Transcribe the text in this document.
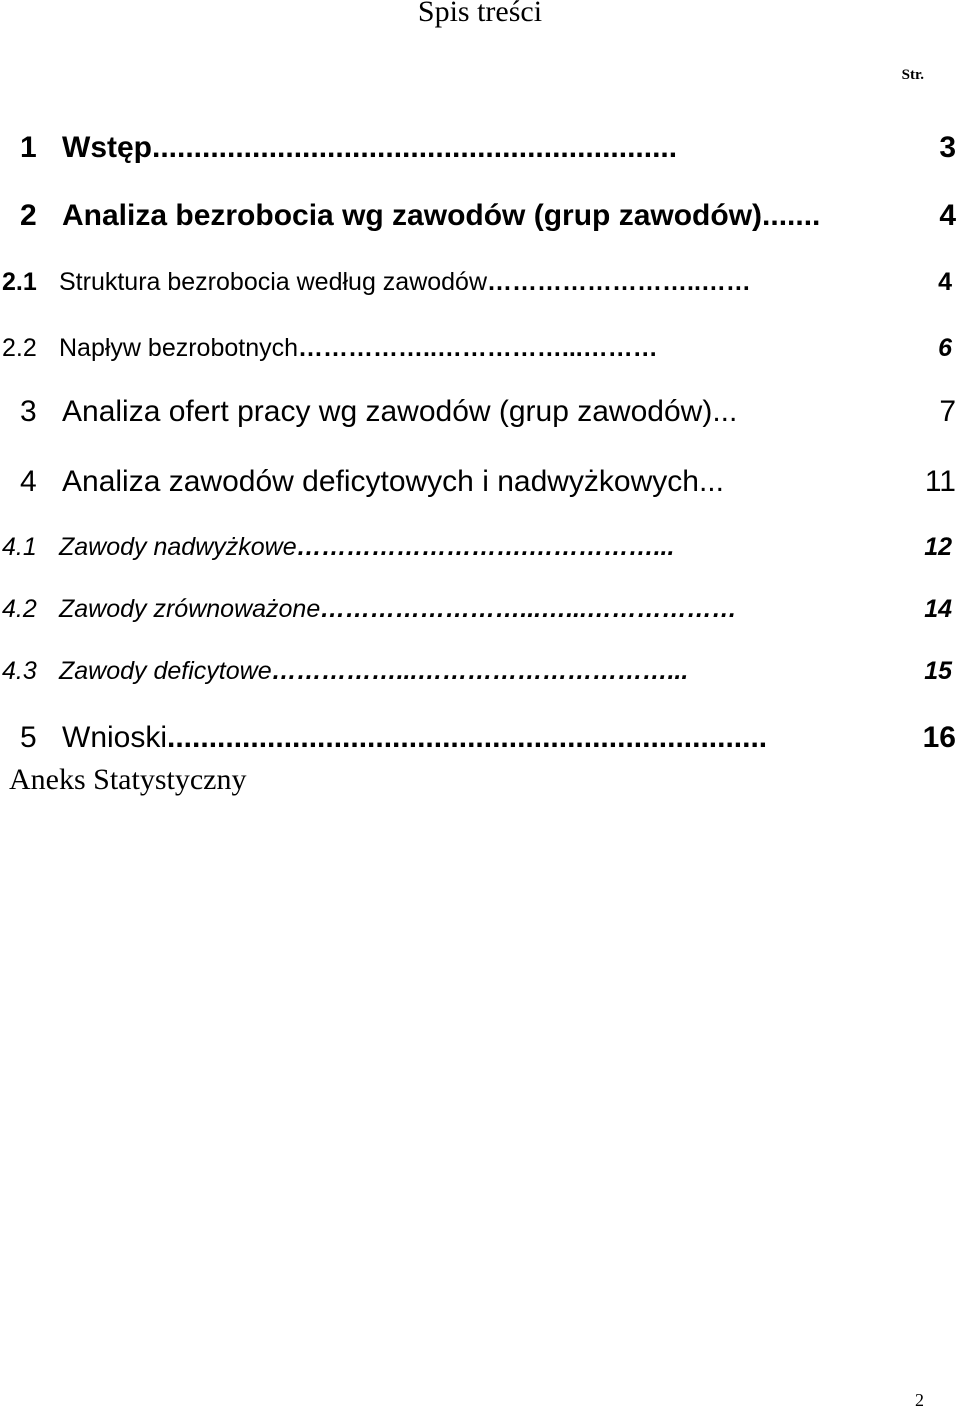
Spis treści
Str.
1 Wstęp...............................................................	3
2 Analiza bezrobocia wg zawodów (grup zawodów).......	4
2.1 Struktura bezrobocia według zawodów……………………..……	4
2.2 Napływ bezrobotnych……………..……………...………	6
3 Analiza ofert pracy wg zawodów (grup zawodów)...	7
4 Analiza zawodów deficytowych i nadwyżkowych...	11
4.1 Zawody nadwyżkowe……………………….……………...	12
4.2 Zawody zrównoważone……………………...…...………………	14
4.3 Zawody deficytowe……………...…………………………...	15
5 Wnioski........................................................................	16
Aneks Statystyczny
2
